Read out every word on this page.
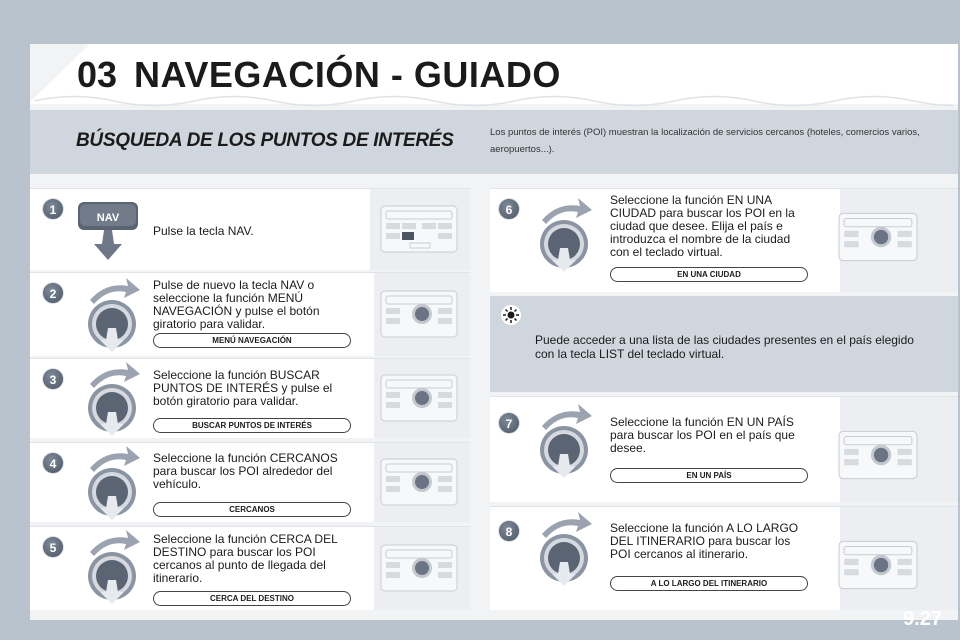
03 NAVEGACIÓN - GUIADO
BÚSQUEDA DE LOS PUNTOS DE INTERÉS	Los puntos de interés (POI) muestran la localización de servicios cercanos (hoteles, comercios varios, aeropuertos...).
1
NAV
Pulse la tecla NAV.
2
Pulse de nuevo la tecla NAV o seleccione la función MENÚ NAVEGACIÓN y pulse el botón giratorio para validar.
MENÚ NAVEGACIÓN
3	Seleccione la función BUSCAR PUNTOS DE INTERÉS y pulse el botón giratorio para validar.
BUSCAR PUNTOS DE INTERÉS
4	Seleccione la función CERCANOS para buscar los POI alrededor del vehículo.
CERCANOS
5
Seleccione la función CERCA DEL DESTINO para buscar los POI cercanos al punto de llegada del itinerario.
CERCA DEL DESTINO
6
Seleccione la función EN UNA CIUDAD para buscar los POI en la ciudad que desee. Elija el país e introduzca el nombre de la ciudad con el teclado virtual.
EN UNA CIUDAD
Puede acceder a una lista de las ciudades presentes en el país elegido con la tecla LIST del teclado virtual.
7	Seleccione la función EN UN PAÍS para buscar los POI en el país que desee.
EN UN PAÍS
8	Seleccione la función A LO LARGO DEL ITINERARIO para buscar los POI cercanos al itinerario.
A LO LARGO DEL ITINERARIO
9.27
